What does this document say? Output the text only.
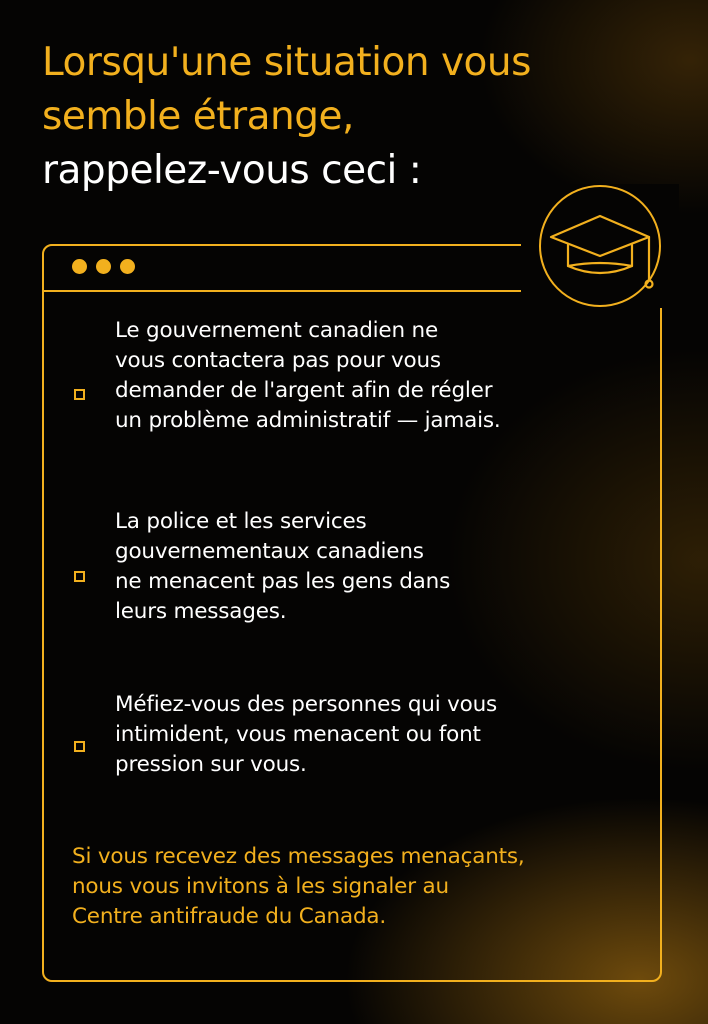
Lorsqu'une situation vous
semble étrange,
rappelez-vous ceci :
Le gouvernement canadien ne
vous contactera pas pour vous
demander de l'argent afin de régler
un problème administratif — jamais.
La police et les services
gouvernementaux canadiens
ne menacent pas les gens dans
leurs messages.
Méfiez-vous des personnes qui vous
intimident, vous menacent ou font
pression sur vous.
Si vous recevez des messages menaçants,
nous vous invitons à les signaler au
Centre antifraude du Canada.
